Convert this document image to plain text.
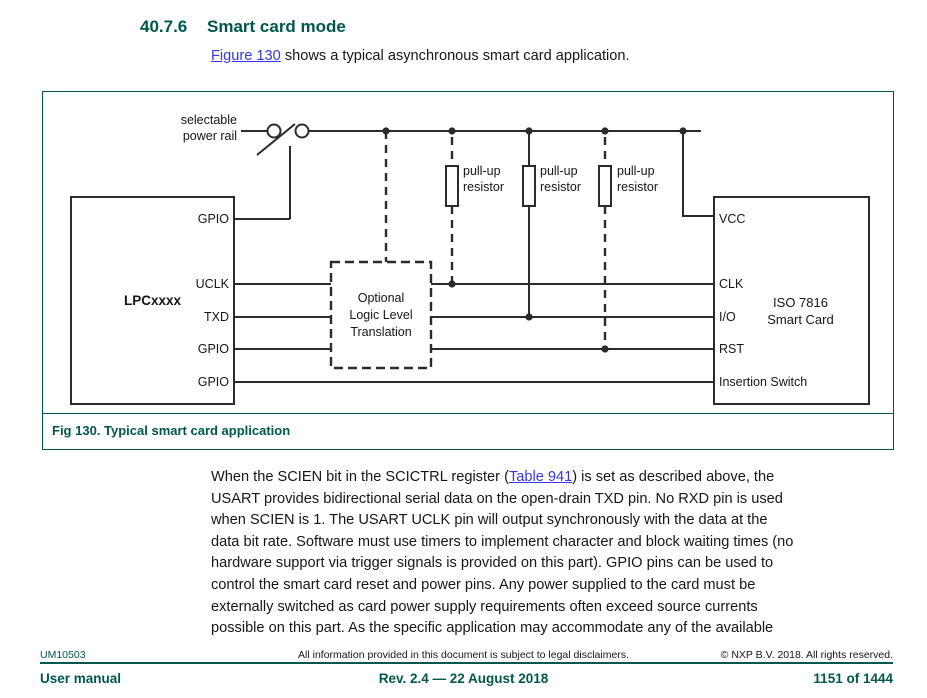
40.7.6 Smart card mode
Figure 130 shows a typical asynchronous smart card application.
selectable
power rail
pull-up
resistor
pull-up
resistor
pull-up
resistor
LPCxxxx
GPIO
UCLK
TXD
GPIO
GPIO
Optional
Logic Level
Translation
VCC
CLK
I/O
RST
Insertion Switch
ISO 7816
Smart Card
Fig 130. Typical smart card application
When the SCIEN bit in the SCICTRL register (Table 941) is set as described above, the
USART provides bidirectional serial data on the open-drain TXD pin. No RXD pin is used
when SCIEN is 1. The USART UCLK pin will output synchronously with the data at the
data bit rate. Software must use timers to implement character and block waiting times (no
hardware support via trigger signals is provided on this part). GPIO pins can be used to
control the smart card reset and power pins. Any power supplied to the card must be
externally switched as card power supply requirements often exceed source currents
possible on this part. As the specific application may accommodate any of the available
All information provided in this document is subject to legal disclaimers.	© NXP B.V. 2018. All rights reserved.
UM10503
Rev. 2.4 — 22 August 2018	1151 of 1444
User manual
